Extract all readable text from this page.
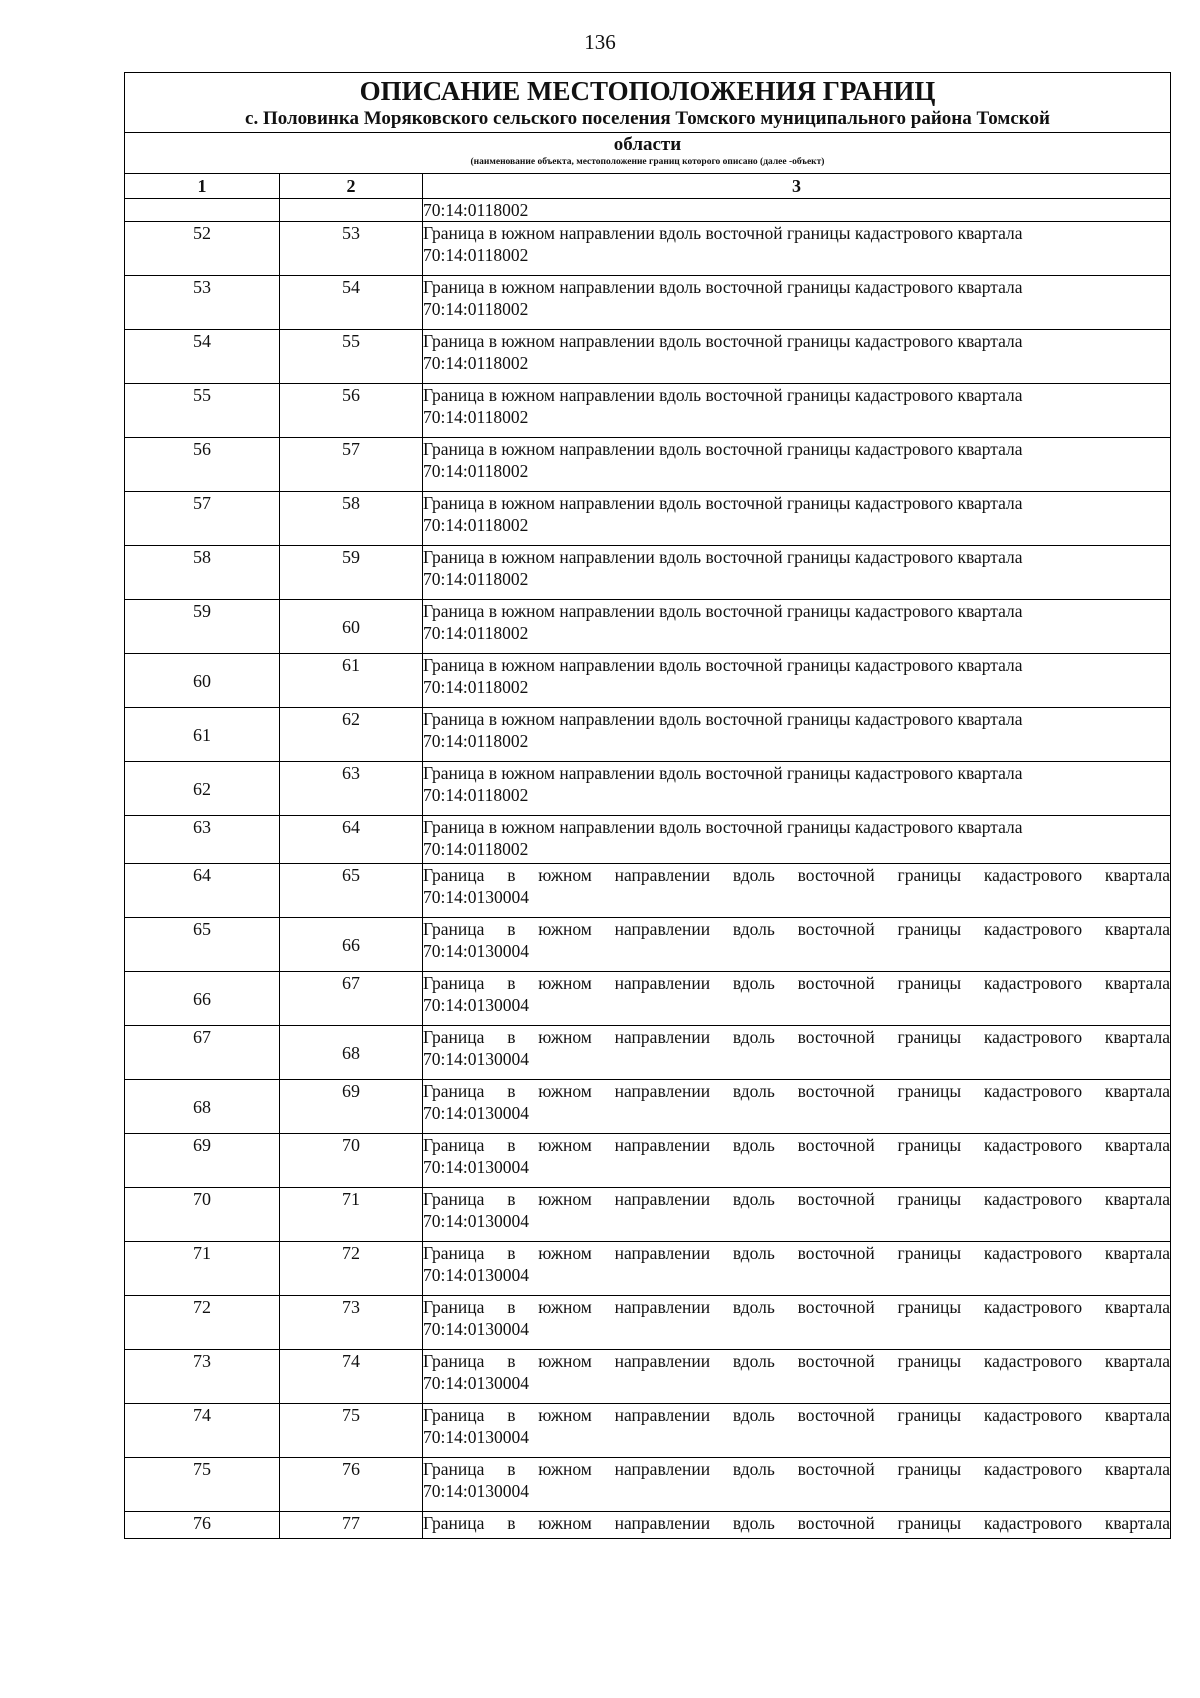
136
ОПИСАНИЕ МЕСТОПОЛОЖЕНИЯ ГРАНИЦ
с. Половинка Моряковского сельского поселения Томского муниципального района Томской		

области
(наименование объекта, местоположение границ которого описано (далее -объект)		

1	2	3
		70:14:0118002
52	53	Граница в южном направлении вдоль восточной границы кадастрового квартала
70:14:0118002

53	54	Граница в южном направлении вдоль восточной границы кадастрового квартала
70:14:0118002

54	55	Граница в южном направлении вдоль восточной границы кадастрового квартала
70:14:0118002

55	56	Граница в южном направлении вдоль восточной границы кадастрового квартала
70:14:0118002

56	57	Граница в южном направлении вдоль восточной границы кадастрового квартала
70:14:0118002

57	58	Граница в южном направлении вдоль восточной границы кадастрового квартала
70:14:0118002

58	59	Граница в южном направлении вдоль восточной границы кадастрового квартала
70:14:0118002

59	60	Граница в южном направлении вдоль восточной границы кадастрового квартала
70:14:0118002

60	61	Граница в южном направлении вдоль восточной границы кадастрового квартала
70:14:0118002

61	62	Граница в южном направлении вдоль восточной границы кадастрового квартала
70:14:0118002

62	63	Граница в южном направлении вдоль восточной границы кадастрового квартала
70:14:0118002

63	64	Граница в южном направлении вдоль восточной границы кадастрового квартала
70:14:0118002

64	65	Граница в южном направлении вдоль восточной границы кадастрового квартала
70:14:0130004

65	66	Граница в южном направлении вдоль восточной границы кадастрового квартала
70:14:0130004

66	67	Граница в южном направлении вдоль восточной границы кадастрового квартала
70:14:0130004

67	68	Граница в южном направлении вдоль восточной границы кадастрового квартала
70:14:0130004

68	69	Граница в южном направлении вдоль восточной границы кадастрового квартала
70:14:0130004

69	70	Граница в южном направлении вдоль восточной границы кадастрового квартала
70:14:0130004

70	71	Граница в южном направлении вдоль восточной границы кадастрового квартала
70:14:0130004

71	72	Граница в южном направлении вдоль восточной границы кадастрового квартала
70:14:0130004

72	73	Граница в южном направлении вдоль восточной границы кадастрового квартала
70:14:0130004

73	74	Граница в южном направлении вдоль восточной границы кадастрового квартала
70:14:0130004

74	75	Граница в южном направлении вдоль восточной границы кадастрового квартала
70:14:0130004

75	76	Граница в южном направлении вдоль восточной границы кадастрового квартала
70:14:0130004

76	77	Граница в южном направлении вдоль восточной границы кадастрового квартала
